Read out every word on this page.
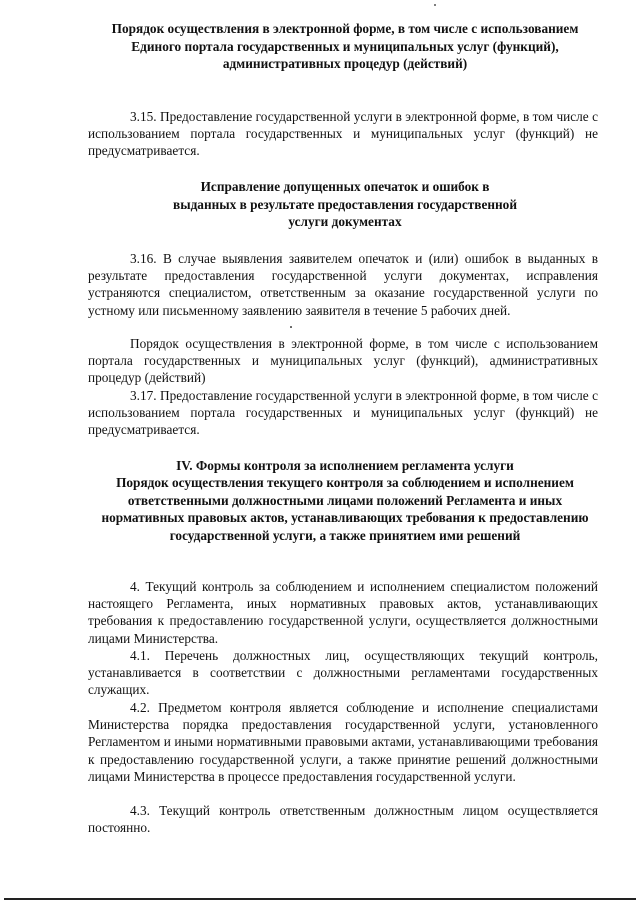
Порядок осуществления в электронной форме, в том числе с использованием Единого портала государственных и муниципальных услуг (функций), административных процедур (действий)

3.15. Предоставление государственной услуги в электронной форме, в том числе с использованием портала государственных и муниципальных услуг (функций) не предусматривается.

Исправление допущенных опечаток и ошибок в выданных в результате предоставления государственной услуги документах

3.16. В случае выявления заявителем опечаток и (или) ошибок в выданных в результате предоставления государственной услуги документах, исправления устраняются специалистом, ответственным за оказание государственной услуги по устному или письменному заявлению заявителя в течение 5 рабочих дней.

Порядок осуществления в электронной форме, в том числе с использованием портала государственных и муниципальных услуг (функций), административных процедур (действий)

3.17. Предоставление государственной услуги в электронной форме, в том числе с использованием портала государственных и муниципальных услуг (функций) не предусматривается.

IV. Формы контроля за исполнением регламента услуги

Порядок осуществления текущего контроля за соблюдением и исполнением ответственными должностными лицами положений Регламента и иных нормативных правовых актов, устанавливающих требования к предоставлению государственной услуги, а также принятием ими решений

4. Текущий контроль за соблюдением и исполнением специалистом положений настоящего Регламента, иных нормативных правовых актов, устанавливающих требования к предоставлению государственной услуги, осуществляется должностными лицами Министерства.

4.1. Перечень должностных лиц, осуществляющих текущий контроль, устанавливается в соответствии с должностными регламентами государственных служащих.

4.2. Предметом контроля является соблюдение и исполнение специалистами Министерства порядка предоставления государственной услуги, установленного Регламентом и иными нормативными правовыми актами, устанавливающими требования к предоставлению государственной услуги, а также принятие решений должностными лицами Министерства в процессе предоставления государственной услуги.

4.3. Текущий контроль ответственным должностным лицом осуществляется постоянно.
